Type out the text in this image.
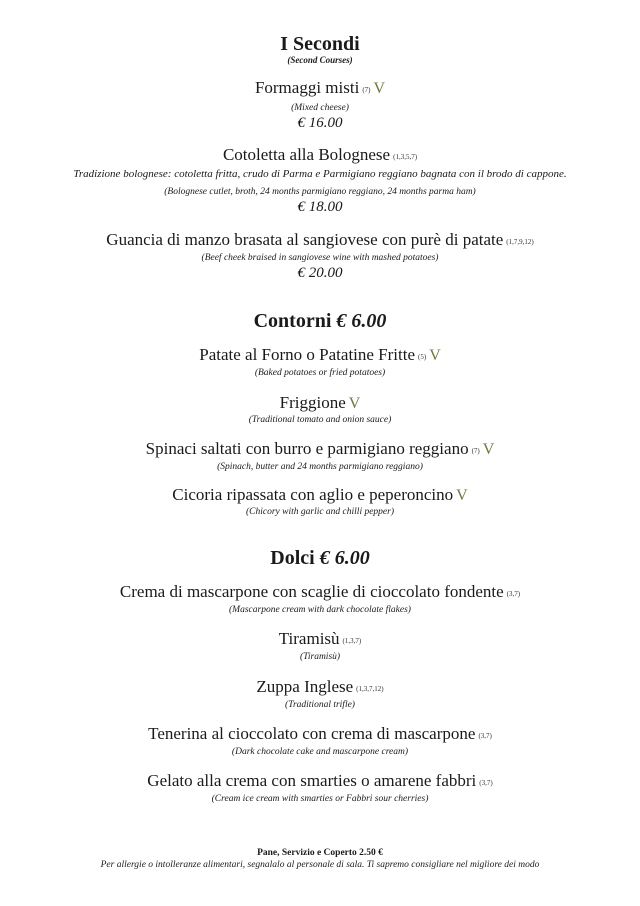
I Secondi
(Second Courses)
Formaggi misti (7) V
(Mixed cheese)
€ 16.00
Cotoletta alla Bolognese (1,3,5,7)
Tradizione bolognese: cotoletta fritta, crudo di Parma e Parmigiano reggiano bagnata con il brodo di cappone.
(Bolognese cutlet, broth, 24 months parmigiano reggiano, 24 months parma ham)
€ 18.00
Guancia di manzo brasata al sangiovese con purè di patate (1,7,9,12)
(Beef cheek braised in sangiovese wine with mashed potatoes)
€ 20.00
Contorni € 6.00
Patate al Forno o Patatine Fritte (5) V
(Baked potatoes or fried potatoes)
Friggione V
(Traditional tomato and onion sauce)
Spinaci saltati con burro e parmigiano reggiano (7) V
(Spinach, butter and 24 months parmigiano reggiano)
Cicoria ripassata con aglio e peperoncino V
(Chicory with garlic and chilli pepper)
Dolci € 6.00
Crema di mascarpone con scaglie di cioccolato fondente (3,7)
(Mascarpone cream with dark chocolate flakes)
Tiramisù (1,3,7)
(Tiramisù)
Zuppa Inglese (1,3,7,12)
(Traditional trifle)
Tenerina al cioccolato con crema di mascarpone (3,7)
(Dark chocolate cake and mascarpone cream)
Gelato alla crema con smarties o amarene fabbri (3,7)
(Cream ice cream with smarties or Fabbri sour cherries)
Pane, Servizio e Coperto 2.50 €
Per allergie o intolleranze alimentari, segnalalo al personale di sala. Ti sapremo consigliare nel migliore dei modo
